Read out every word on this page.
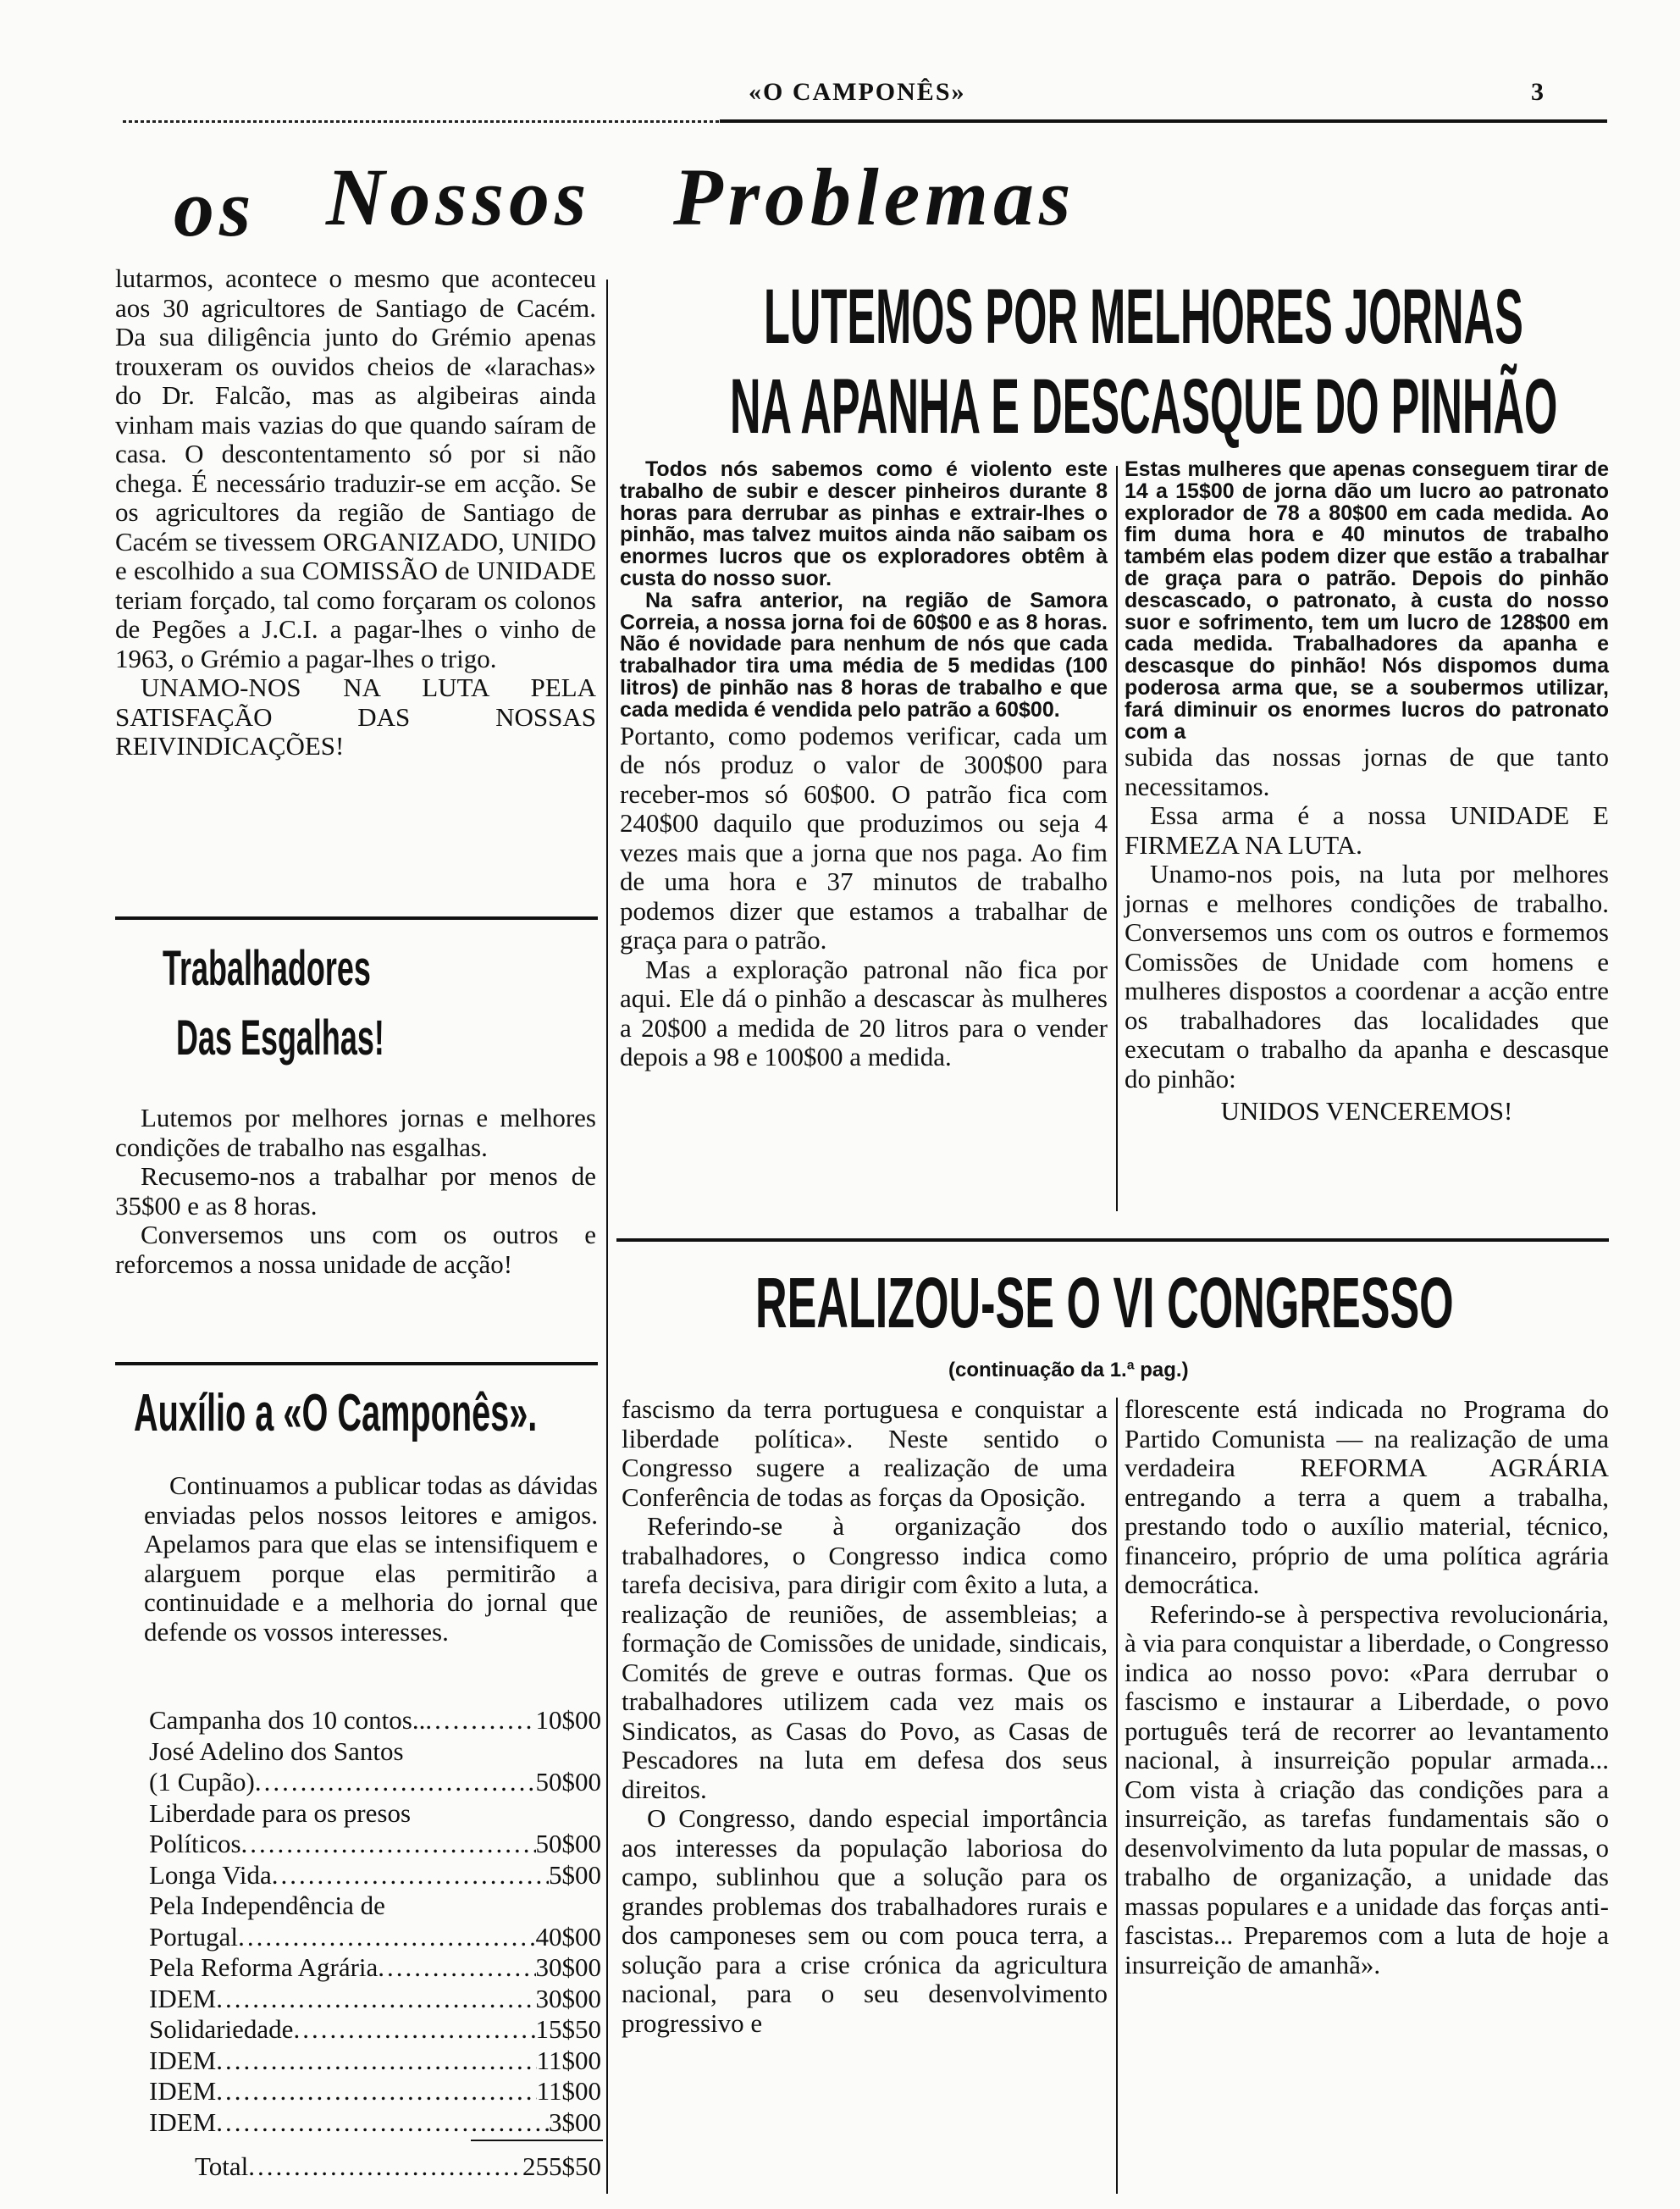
«O CAMPONÊS»	3
os Nossos Problemas

lutarmos, acontece o mesmo que aconteceu aos 30 agricultores de Santiago de Cacém. Da sua diligência junto do Grémio apenas trouxeram os ouvidos cheios de «larachas» do Dr. Falcão, mas as algibeiras ainda vinham mais vazias do que quando saíram de casa. O descontentamento só por si não chega. É necessário traduzir-se em acção. Se os agricultores da região de Santiago de Cacém se tivessem ORGANIZADO, UNIDO e escolhido a sua COMISSÃO de UNIDADE teriam forçado, tal como forçaram os colonos de Pegões a J.C.I. a pagar-lhes o vinho de 1963, o Grémio a pagar-lhes o trigo.

UNAMO-NOS NA LUTA PELA SATISFAÇÃO DAS NOSSAS REIVINDICAÇÕES!

Trabalhadores
Das Esgalhas!

Lutemos por melhores jornas e melhores condições de trabalho nas esgalhas.

Recusemo-nos a trabalhar por menos de 35$00 e as 8 horas.

Conversemos uns com os outros e reforcemos a nossa unidade de acção!

Auxílio a «O Camponês».

Continuamos a publicar todas as dávidas enviadas pelos nossos leitores e amigos. Apelamos para que elas se intensifiquem e alarguem porque elas permitirão a continuidade e a melhoria do jornal que defende os vossos interesses.

Campanha dos 10 contos.. .....	10$00
José Adelino dos Santos
(1 Cupão) .....	50$00
Liberdade para os presos
Políticos .....	50$00
Longa Vida .....	5$00
Pela Independência de
Portugal .....	40$00
Pela Reforma Agrária .....	30$00
IDEM .....	30$00
Solidariedade .....	15$50
IDEM .....	11$00
IDEM .....	11$00
IDEM .....	3$00
Total .....	255$50
LUTEMOS POR MELHORES JORNAS
NA APANHA E DESCASQUE DO PINHÃO

Todos nós sabemos como é violento este trabalho de subir e descer pinheiros durante 8 horas para derrubar as pinhas e extrair-lhes o pinhão, mas talvez muitos ainda não saibam os enormes lucros que os exploradores obtêm à custa do nosso suor.

Na safra anterior, na região de Samora Correia, a nossa jorna foi de 60$00 e as 8 horas. Não é novidade para nenhum de nós que cada trabalhador tira uma média de 5 medidas (100 litros) de pinhão nas 8 horas de trabalho e que cada medida é vendida pelo patrão a 60$00.

Portanto, como podemos verificar, cada um de nós produz o valor de 300$00 para receber-mos só 60$00. O patrão fica com 240$00 daquilo que produzimos ou seja 4 vezes mais que a jorna que nos paga. Ao fim de uma hora e 37 minutos de trabalho podemos dizer que estamos a trabalhar de graça para o patrão.

Mas a exploração patronal não fica por aqui. Ele dá o pinhão a descascar às mulheres a 20$00 a medida de 20 litros para o vender depois a 98 e 100$00 a medida.

Estas mulheres que apenas conseguem tirar de 14 a 15$00 de jorna dão um lucro ao patronato explorador de 78 a 80$00 em cada medida. Ao fim duma hora e 40 minutos de trabalho também elas podem dizer que estão a trabalhar de graça para o patrão. Depois do pinhão descascado, o patronato, à custa do nosso suor e sofrimento, tem um lucro de 128$00 em cada medida. Trabalhadores da apanha e descasque do pinhão! Nós dispomos duma poderosa arma que, se a soubermos utilizar, fará diminuir os enormes lucros do patronato com a

subida das nossas jornas de que tanto necessitamos.

Essa arma é a nossa UNIDADE E FIRMEZA NA LUTA.

Unamo-nos pois, na luta por melhores jornas e melhores condições de trabalho. Conversemos uns com os outros e formemos Comissões de Unidade com homens e mulheres dispostos a coordenar a acção entre os trabalhadores das localidades que executam o trabalho da apanha e descasque do pinhão:

UNIDOS VENCEREMOS!

REALIZOU-SE O VI CONGRESSO
(continuação da 1.ª pag.)

fascismo da terra portuguesa e conquistar a liberdade política». Neste sentido o Congresso sugere a realização de uma Conferência de todas as forças da Oposição.

Referindo-se à organização dos trabalhadores, o Congresso indica como tarefa decisiva, para dirigir com êxito a luta, a realização de reuniões, de assembleias; a formação de Comissões de unidade, sindicais, Comités de greve e outras formas. Que os trabalhadores utilizem cada vez mais os Sindicatos, as Casas do Povo, as Casas de Pescadores na luta em defesa dos seus direitos.

O Congresso, dando especial importância aos interesses da população laboriosa do campo, sublinhou que a solução para os grandes problemas dos trabalhadores rurais e dos camponeses sem ou com pouca terra, a solução para a crise crónica da agricultura nacional, para o seu desenvolvimento progressivo e

florescente está indicada no Programa do Partido Comunista — na realização de uma verdadeira REFORMA AGRÁRIA entregando a terra a quem a trabalha, prestando todo o auxílio material, técnico, financeiro, próprio de uma política agrária democrática.

Referindo-se à perspectiva revolucionária, à via para conquistar a liberdade, o Congresso indica ao nosso povo: «Para derrubar o fascismo e instaurar a Liberdade, o povo português terá de recorrer ao levantamento nacional, à insurreição popular armada... Com vista à criação das condições para a insurreição, as tarefas fundamentais são o desenvolvimento da luta popular de massas, o trabalho de organização, a unidade das massas populares e a unidade das forças anti-fascistas... Preparemos com a luta de hoje a insurreição de amanhã».
